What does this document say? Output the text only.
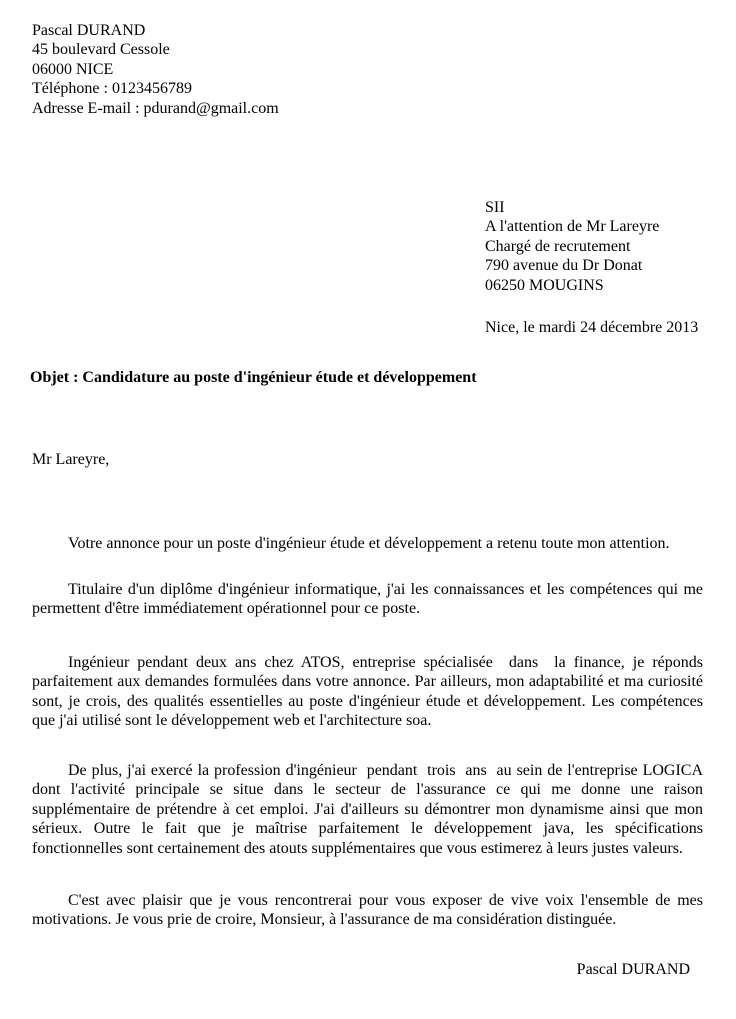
Pascal DURAND
45 boulevard Cessole
06000 NICE
Téléphone : 0123456789
Adresse E-mail : pdurand@gmail.com
SII
A l'attention de Mr Lareyre
Chargé de recrutement
790 avenue du Dr Donat
06250 MOUGINS
Nice, le mardi 24 décembre 2013
Objet : Candidature au poste d'ingénieur étude et développement
Mr Lareyre,
Votre annonce pour un poste d'ingénieur étude et développement a retenu toute mon attention.
Titulaire d'un diplôme d'ingénieur informatique, j'ai les connaissances et les compétences qui me permettent d'être immédiatement opérationnel pour ce poste.
Ingénieur pendant deux ans chez ATOS, entreprise spécialisée  dans  la finance, je réponds parfaitement aux demandes formulées dans votre annonce. Par ailleurs, mon adaptabilité et ma curiosité sont, je crois, des qualités essentielles au poste d'ingénieur étude et développement. Les compétences que j'ai utilisé sont le développement web et l'architecture soa.
De plus, j'ai exercé la profession d'ingénieur  pendant  trois  ans  au sein de l'entreprise LOGICA dont l'activité principale se situe dans le secteur de l'assurance ce qui me donne une raison supplémentaire de prétendre à cet emploi. J'ai d'ailleurs su démontrer mon dynamisme ainsi que mon sérieux. Outre le fait que je maîtrise parfaitement le développement java, les spécifications fonctionnelles sont certainement des atouts supplémentaires que vous estimerez à leurs justes valeurs.
C'est avec plaisir que je vous rencontrerai pour vous exposer de vive voix l'ensemble de mes motivations. Je vous prie de croire, Monsieur, à l'assurance de ma considération distinguée.
Pascal DURAND
